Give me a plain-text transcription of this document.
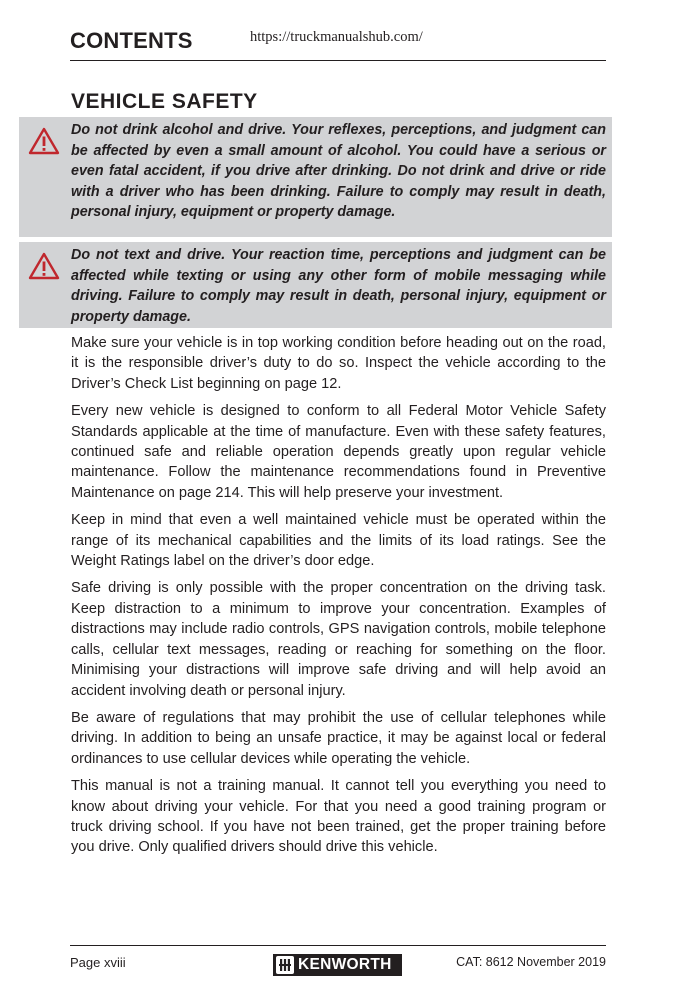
CONTENTS	https://truckmanualshub.com/
VEHICLE SAFETY

Do not drink alcohol and drive. Your reflexes, perceptions, and judgment can be affected by even a small amount of alcohol. You could have a serious or even fatal accident, if you drive after drinking. Do not drink and drive or ride with a driver who has been drinking. Failure to comply may result in death, personal injury, equipment or property damage.

Do not text and drive. Your reaction time, perceptions and judgment can be affected while texting or using any other form of mobile messaging while driving. Failure to comply may result in death, personal injury, equipment or property damage.

Make sure your vehicle is in top working condition before heading out on the road, it is the responsible driver’s duty to do so. Inspect the vehicle according to the Driver’s Check List beginning on page 12.

Every new vehicle is designed to conform to all Federal Motor Vehicle Safety Standards applicable at the time of manufacture. Even with these safety features, continued safe and reliable operation depends greatly upon regular vehicle maintenance. Follow the maintenance recommendations found in Preventive Maintenance on page 214. This will help preserve your investment.

Keep in mind that even a well maintained vehicle must be operated within the range of its mechanical capabilities and the limits of its load ratings. See the Weight Ratings label on the driver’s door edge.

Safe driving is only possible with the proper concentration on the driving task. Keep distraction to a minimum to improve your concentration. Examples of distractions may include radio controls, GPS navigation controls, mobile telephone calls, cellular text messages, reading or reaching for something on the floor. Minimising your distractions will improve safe driving and will help avoid an accident involving death or personal injury.

Be aware of regulations that may prohibit the use of cellular telephones while driving. In addition to being an unsafe practice, it may be against local or federal ordinances to use cellular devices while operating the vehicle.

This manual is not a training manual. It cannot tell you everything you need to know about driving your vehicle. For that you need a good training program or truck driving school. If you have not been trained, get the proper training before you drive. Only qualified drivers should drive this vehicle.

Page xviii	KENWORTH	CAT: 8612 November 2019
